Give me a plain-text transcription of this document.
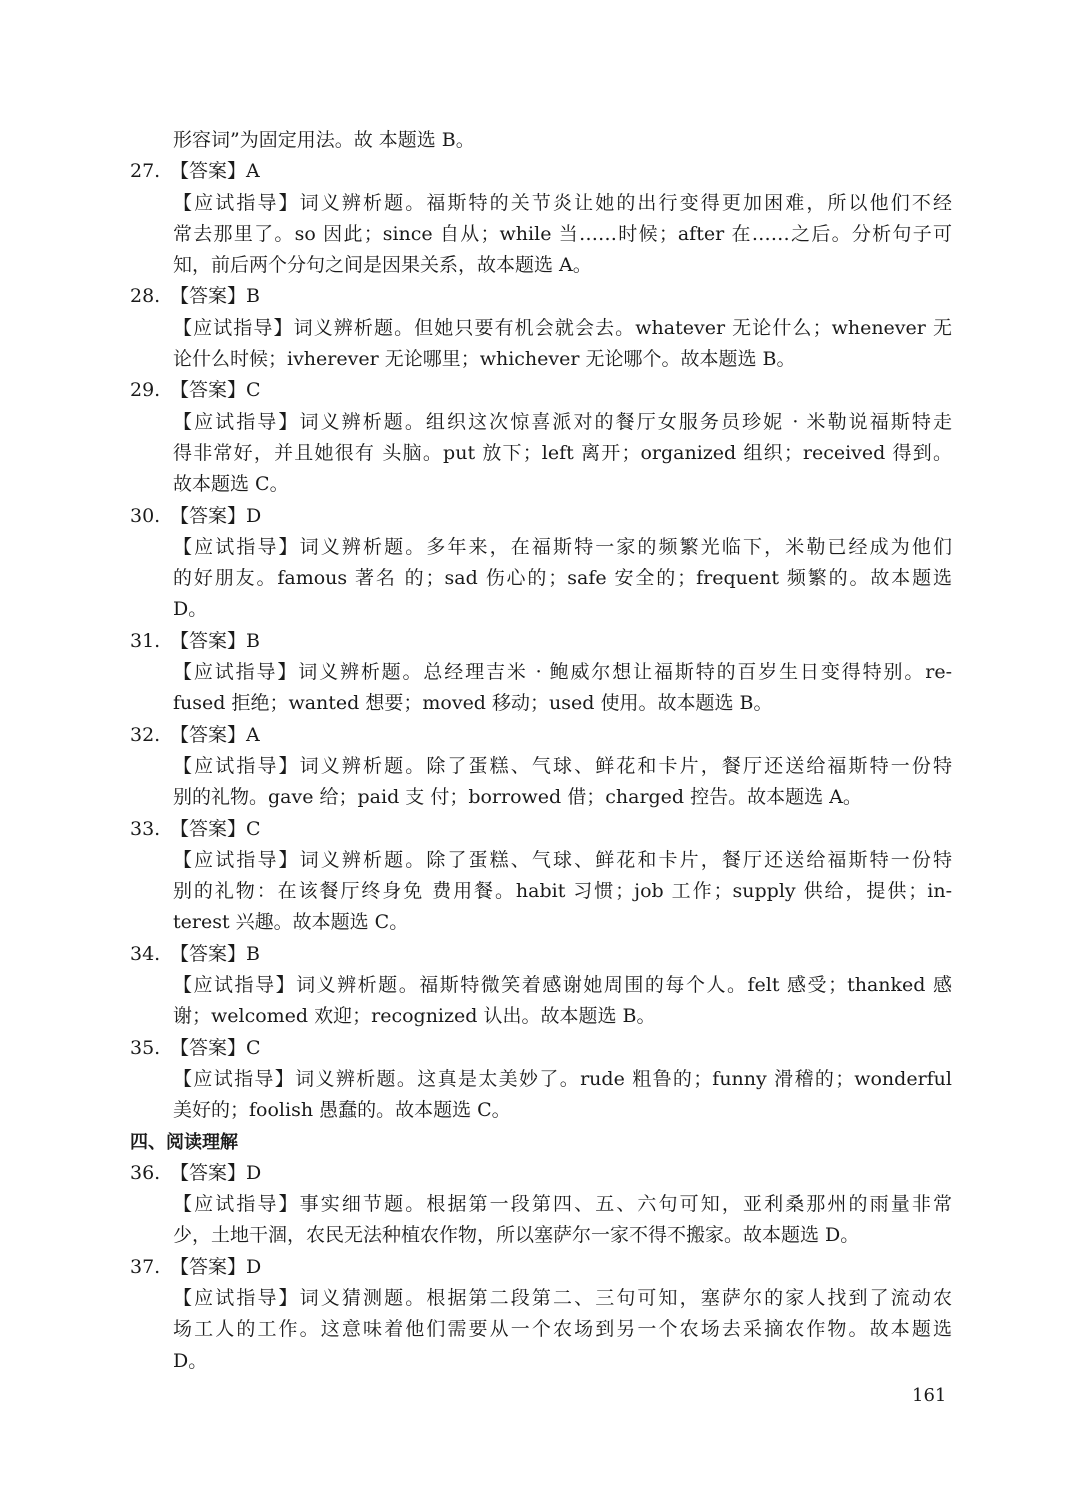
形容词”为固定用法。故 本题选 B。
27. 【答案】A
【应试指导】词义辨析题。福斯特的关节炎让她的出行变得更加困难，所以他们不经
常去那里了。so 因此；since 自从；while 当……时候；after 在……之后。分析句子可
知，前后两个分句之间是因果关系，故本题选 A。
28. 【答案】B
【应试指导】词义辨析题。但她只要有机会就会去。whatever 无论什么；whenever 无
论什么时候；ivherever 无论哪里；whichever 无论哪个。故本题选 B。
29. 【答案】C
【应试指导】词义辨析题。组织这次惊喜派对的餐厅女服务员珍妮 · 米勒说福斯特走
得非常好，并且她很有 头脑。put 放下；left 离开；organized 组织；received 得到。
故本题选 C。
30. 【答案】D
【应试指导】词义辨析题。多年来，在福斯特一家的频繁光临下，米勒已经成为他们
的好朋友。famous 著名 的；sad 伤心的；safe 安全的；frequent 频繁的。故本题选
D。
31. 【答案】B
【应试指导】词义辨析题。总经理吉米 · 鲍威尔想让福斯特的百岁生日变得特别。re-
fused 拒绝；wanted 想要；moved 移动；used 使用。故本题选 B。
32. 【答案】A
【应试指导】词义辨析题。除了蛋糕、气球、鲜花和卡片，餐厅还送给福斯特一份特
别的礼物。gave 给；paid 支 付；borrowed 借；charged 控告。故本题选 A。
33. 【答案】C
【应试指导】词义辨析题。除了蛋糕、气球、鲜花和卡片，餐厅还送给福斯特一份特
别的礼物：在该餐厅终身免 费用餐。habit 习惯；job 工作；supply 供给，提供；in-
terest 兴趣。故本题选 C。
34. 【答案】B
【应试指导】词义辨析题。福斯特微笑着感谢她周围的每个人。felt 感受；thanked 感
谢；welcomed 欢迎；recognized 认出。故本题选 B。
35. 【答案】C
【应试指导】词义辨析题。这真是太美妙了。rude 粗鲁的；funny 滑稽的；wonderful
美好的；foolish 愚蠢的。故本题选 C。
四、阅读理解
36. 【答案】D
【应试指导】事实细节题。根据第一段第四、五、六句可知，亚利桑那州的雨量非常
少，土地干涸，农民无法种植农作物，所以塞萨尔一家不得不搬家。故本题选 D。
37. 【答案】D
【应试指导】词义猜测题。根据第二段第二、三句可知，塞萨尔的家人找到了流动农
场工人的工作。这意味着他们需要从一个农场到另一个农场去采摘农作物。故本题选
D。
161
